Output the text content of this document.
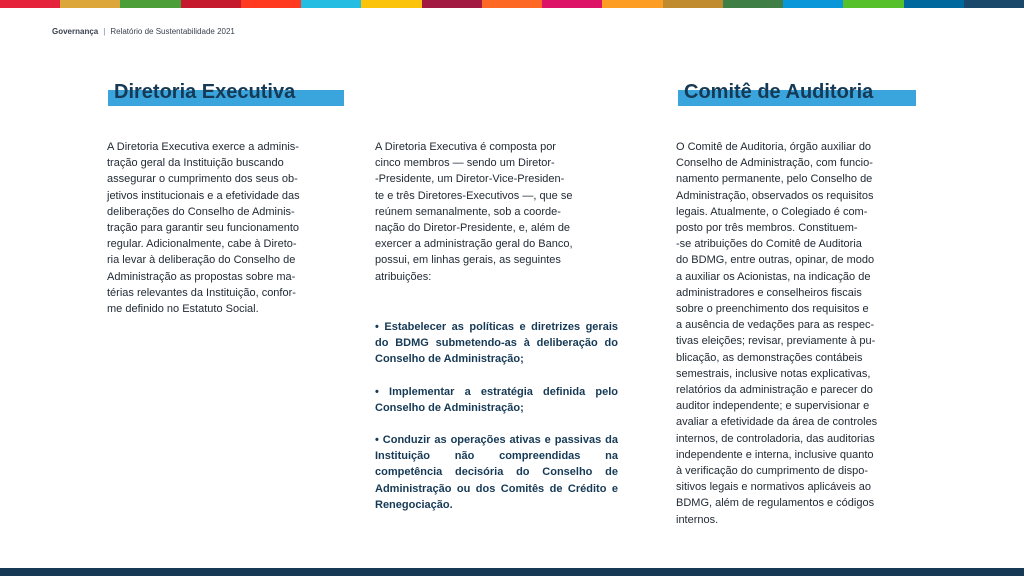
Governança | Relatório de Sustentabilidade 2021
Diretoria Executiva	Comitê de Auditoria

A Diretoria Executiva exerce a adminis-

tração geral da Instituição buscando

assegurar o cumprimento dos seus ob-

jetivos institucionais e a efetividade das

deliberações do Conselho de Adminis-

tração para garantir seu funcionamento

regular. Adicionalmente, cabe à Direto-

ria levar à deliberação do Conselho de

Administração as propostas sobre ma-

térias relevantes da Instituição, confor-

me definido no Estatuto Social.

A Diretoria Executiva é composta por

cinco membros — sendo um Diretor-

-Presidente, um Diretor-Vice-Presiden-

te e três Diretores-Executivos —, que se

reúnem semanalmente, sob a coorde-

nação do Diretor-Presidente, e, além de

exercer a administração geral do Banco,

possui, em linhas gerais, as seguintes

atribuições:

• Estabelecer as políticas e diretrizes gerais do BDMG submetendo-as à deliberação do Conselho de Administração;

• Implementar a estratégia definida pelo Conselho de Administração;

• Conduzir as operações ativas e passivas da Instituição não compreendidas na competência decisória do Conselho de Administração ou dos Comitês de Crédito e Renegociação.

O Comitê de Auditoria, órgão auxiliar do

Conselho de Administração, com funcio-

namento permanente, pelo Conselho de

Administração, observados os requisitos

legais. Atualmente, o Colegiado é com-

posto por três membros. Constituem-

-se atribuições do Comitê de Auditoria

do BDMG, entre outras, opinar, de modo

a auxiliar os Acionistas, na indicação de

administradores e conselheiros fiscais

sobre o preenchimento dos requisitos e

a ausência de vedações para as respec-

tivas eleições; revisar, previamente à pu-

blicação, as demonstrações contábeis

semestrais, inclusive notas explicativas,

relatórios da administração e parecer do

auditor independente; e supervisionar e

avaliar a efetividade da área de controles

internos, de controladoria, das auditorias

independente e interna, inclusive quanto

à verificação do cumprimento de dispo-

sitivos legais e normativos aplicáveis ao

BDMG, além de regulamentos e códigos

internos.
